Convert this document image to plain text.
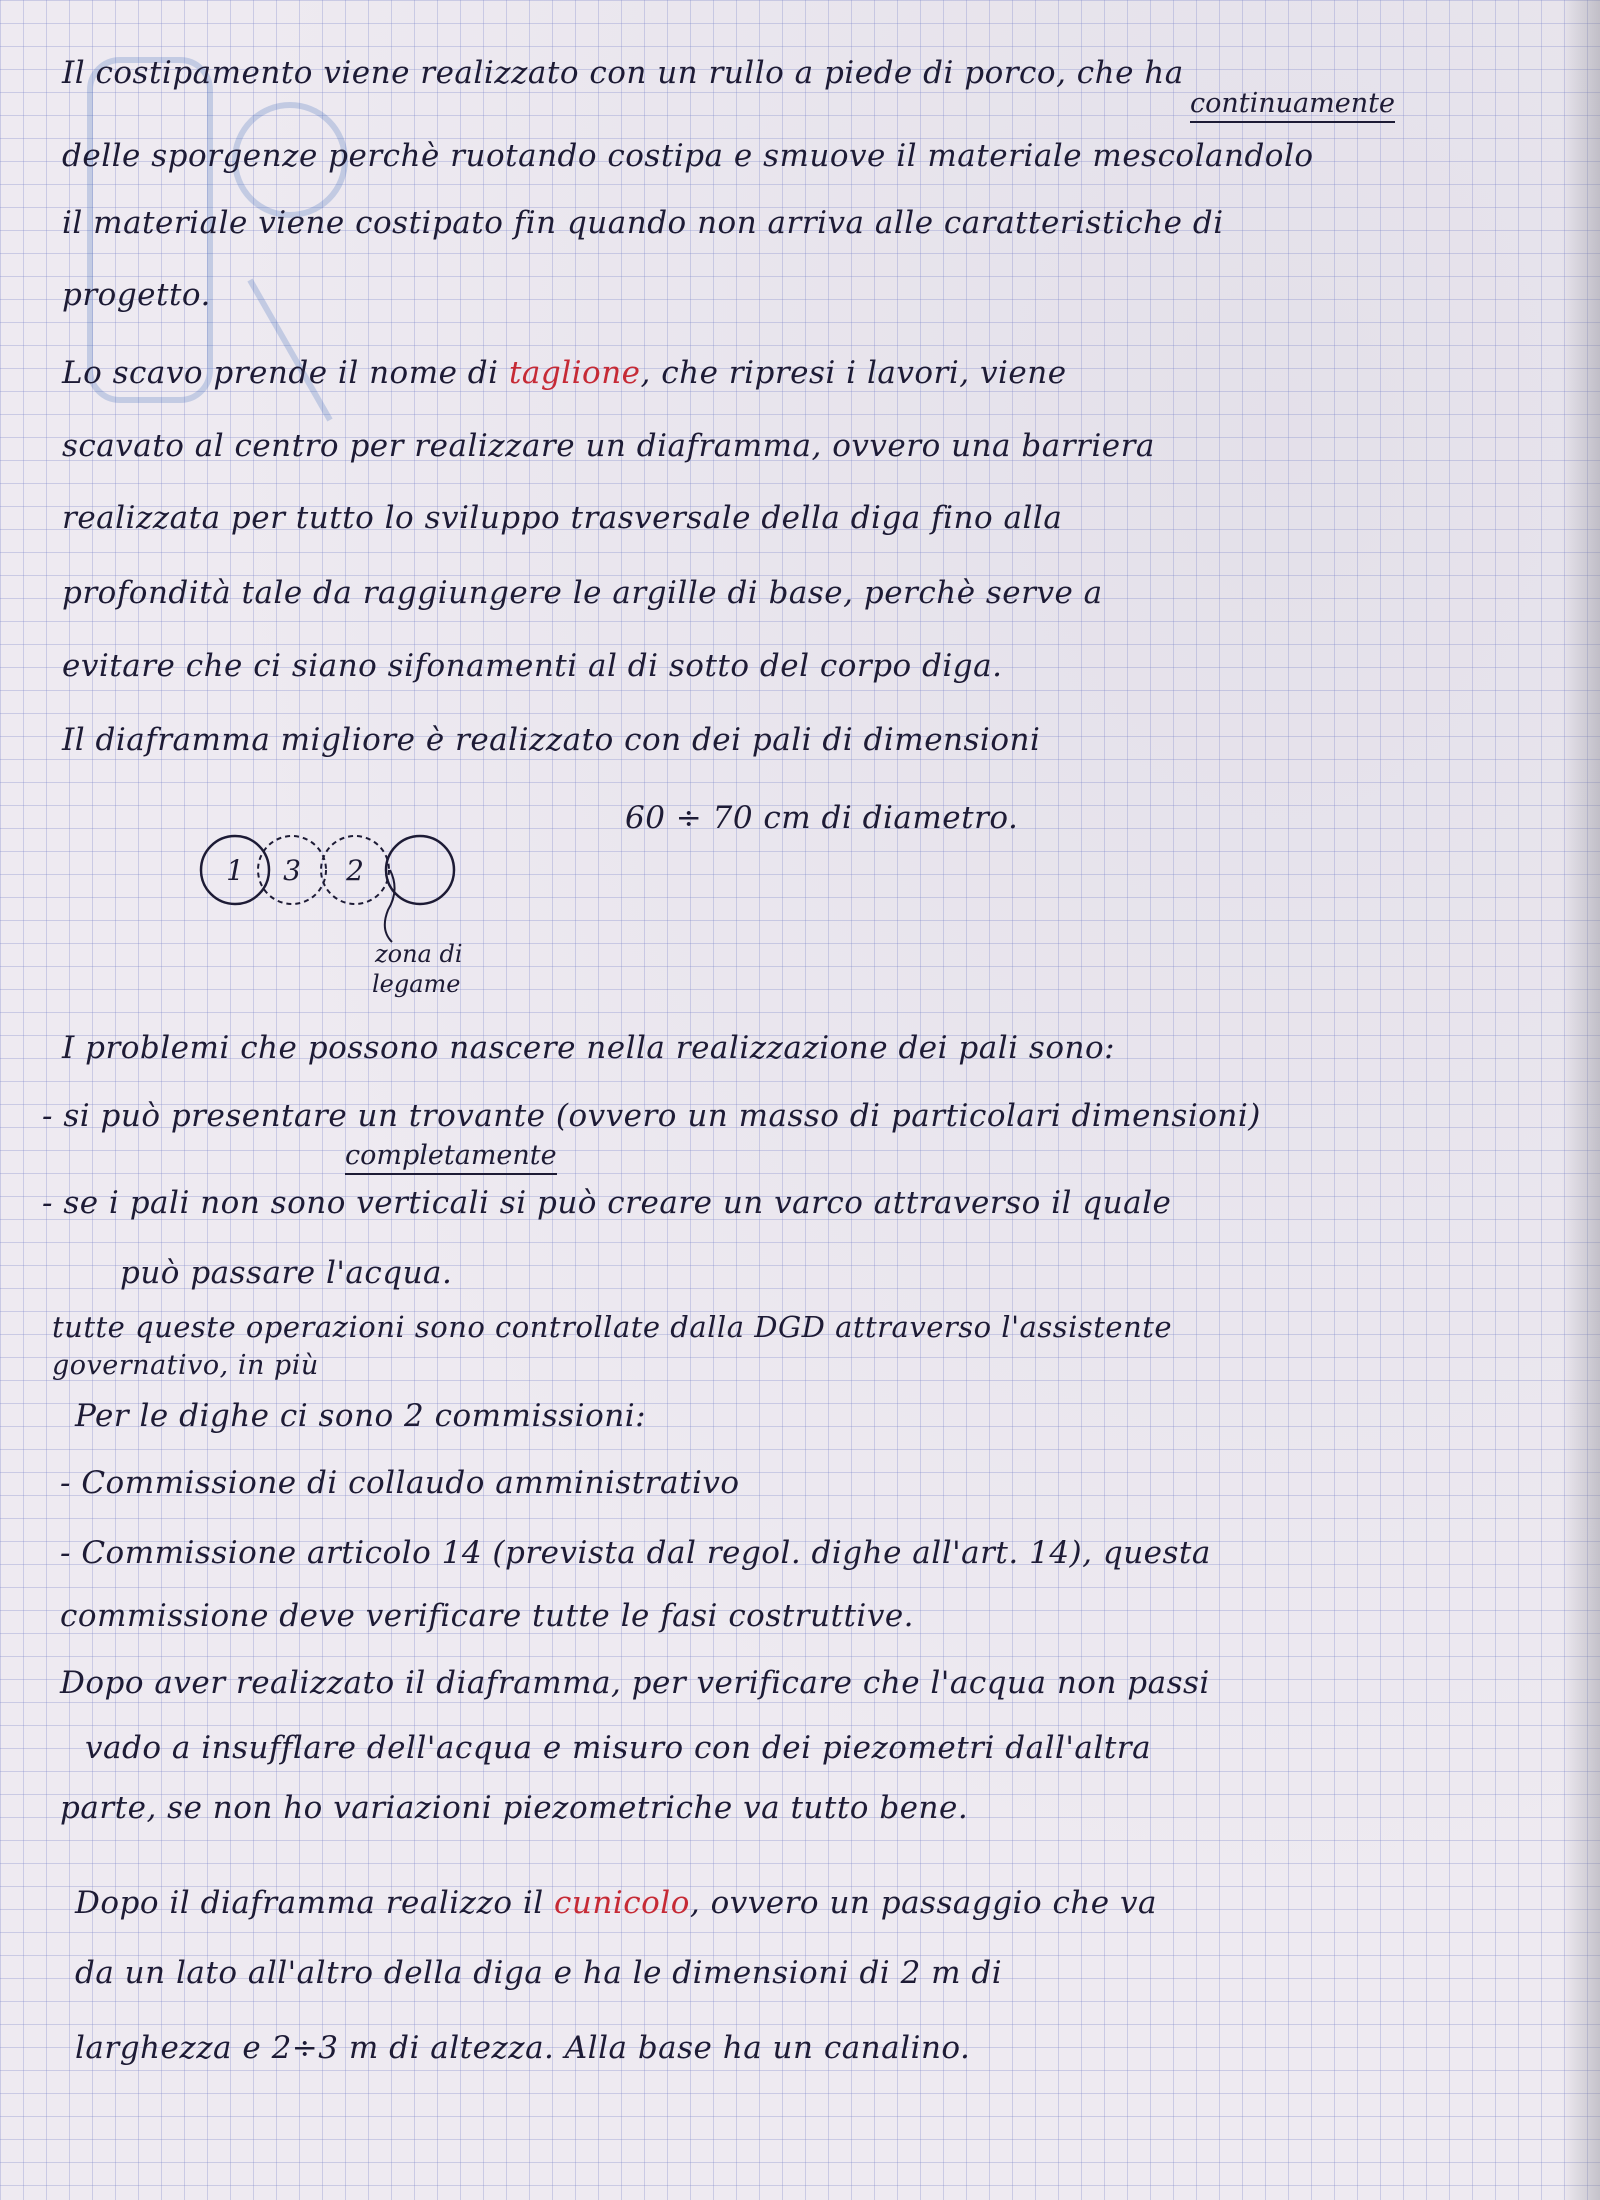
Il costipamento viene realizzato con un rullo a piede di porco, che ha
continuamente
delle sporgenze perchè ruotando costipa e smuove il materiale mescolandolo
il materiale viene costipato fin quando non arriva alle caratteristiche di
progetto.
Lo scavo prende il nome di taglione, che ripresi i lavori, viene
scavato al centro per realizzare un diaframma, ovvero una barriera
realizzata per tutto lo sviluppo trasversale della diga fino alla
profondità tale da raggiungere le argille di base, perchè serve a
evitare che ci siano sifonamenti al di sotto del corpo diga.
Il diaframma migliore è realizzato con dei pali di dimensioni
60 ÷ 70 cm di diametro.
1 3 2
zona di
legame
I problemi che possono nascere nella realizzazione dei pali sono:
- si può presentare un trovante (ovvero un masso di particolari dimensioni)
completamente
- se i pali non sono verticali si può creare un varco attraverso il quale
può passare l'acqua.
tutte queste operazioni sono controllate dalla DGD attraverso l'assistente
governativo, in più
Per le dighe ci sono 2 commissioni:
- Commissione di collaudo amministrativo
- Commissione articolo 14 (prevista dal regol. dighe all'art. 14), questa
commissione deve verificare tutte le fasi costruttive.
Dopo aver realizzato il diaframma, per verificare che l'acqua non passi
vado a insufflare dell'acqua e misuro con dei piezometri dall'altra
parte, se non ho variazioni piezometriche va tutto bene.
Dopo il diaframma realizzo il cunicolo, ovvero un passaggio che va
da un lato all'altro della diga e ha le dimensioni di 2 m di
larghezza e 2÷3 m di altezza. Alla base ha un canalino.
